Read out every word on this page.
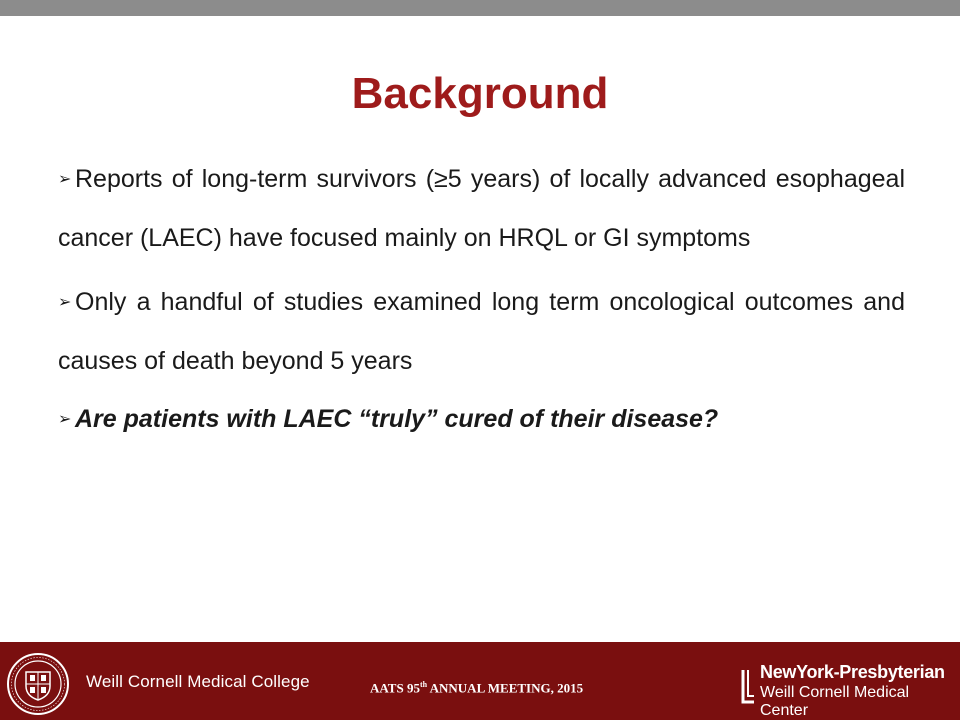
Background
➢ Reports of long-term survivors (≥5 years) of locally advanced esophageal cancer (LAEC) have focused mainly on HRQL or GI symptoms
➢ Only a handful of studies examined long term oncological outcomes and causes of death beyond 5 years
➢ Are patients with LAEC “truly” cured of their disease?
Weill Cornell Medical College	AATS 95th ANNUAL MEETING, 2015
NewYork-Presbyterian
Weill Cornell Medical Center
